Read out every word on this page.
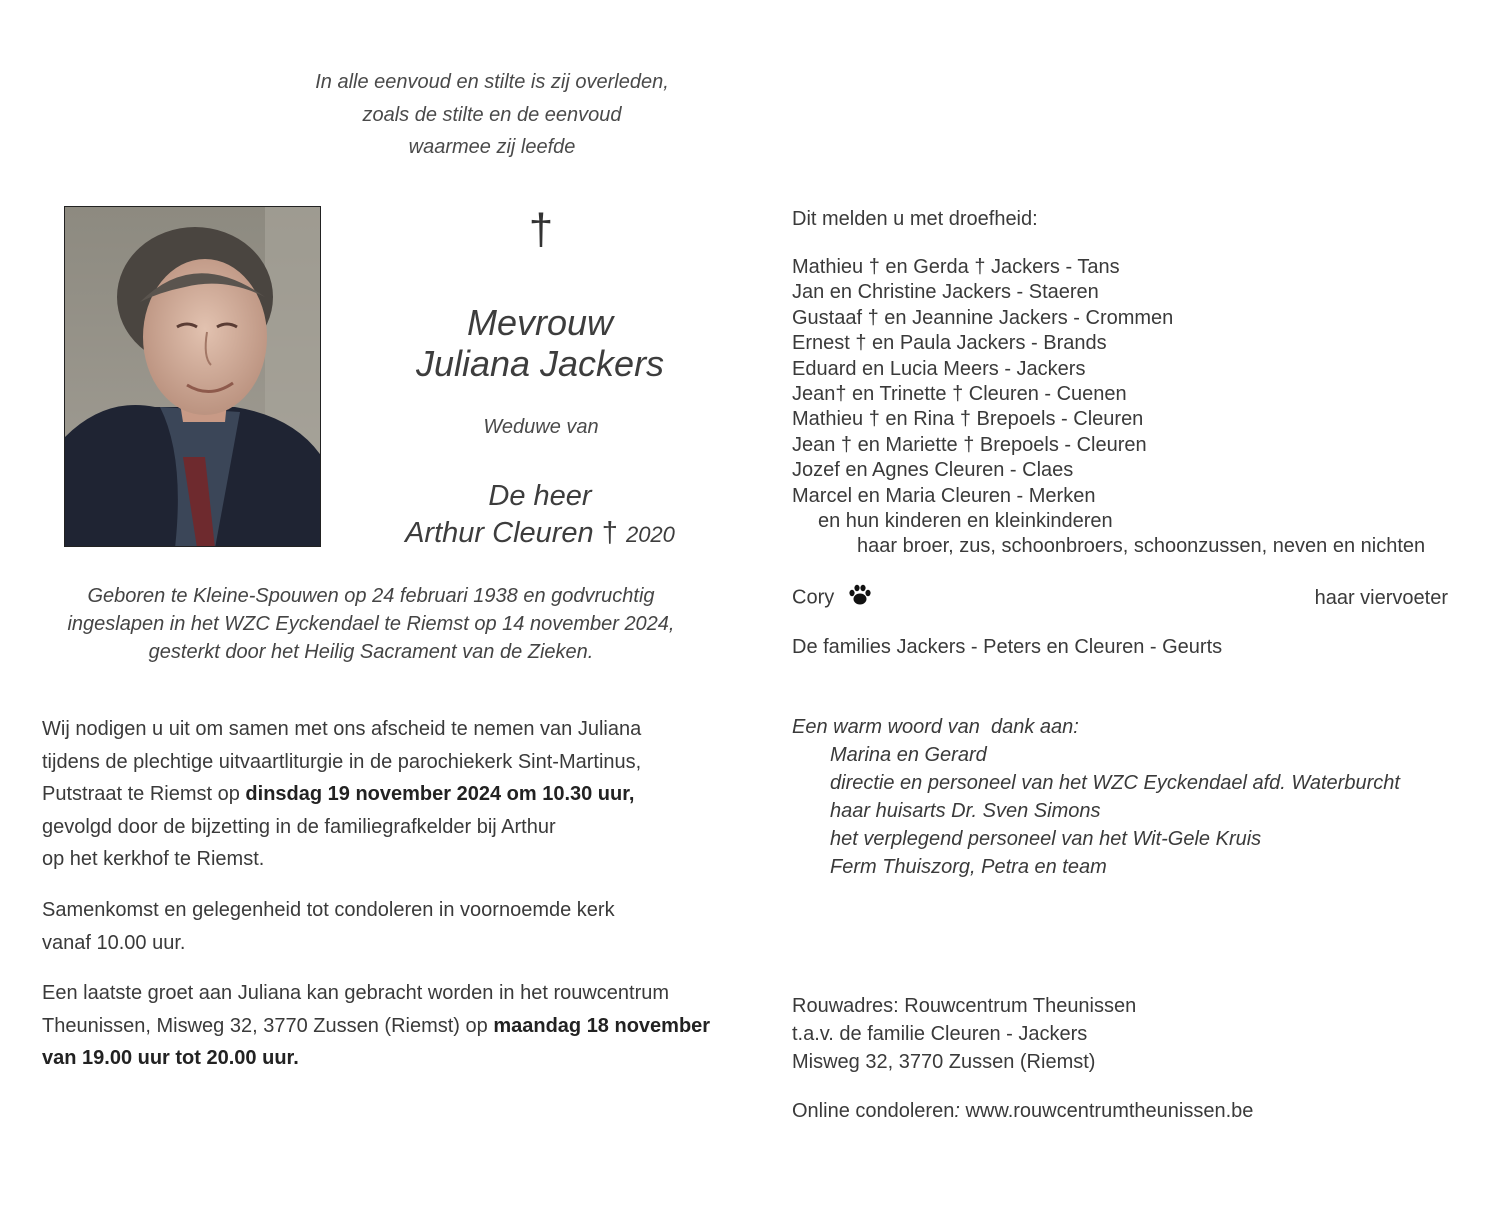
In alle eenvoud en stilte is zij overleden,
zoals de stilte en de eenvoud
waarmee zij leefde
†
Mevrouw
Juliana Jackers
Weduwe van
De heer
Arthur Cleuren † 2020
Geboren te Kleine-Spouwen op 24 februari 1938 en godvruchtig
ingeslapen in het WZC Eyckendael te Riemst op 14 november 2024,
gesterkt door het Heilig Sacrament van de Zieken.
Wij nodigen u uit om samen met ons afscheid te nemen van Juliana
tijdens de plechtige uitvaartliturgie in de parochiekerk Sint-Martinus,
Putstraat te Riemst op dinsdag 19 november 2024 om 10.30 uur,
gevolgd door de bijzetting in de familiegrafkelder bij Arthur
op het kerkhof te Riemst.
Samenkomst en gelegenheid tot condoleren in voornoemde kerk
vanaf 10.00 uur.
Een laatste groet aan Juliana kan gebracht worden in het rouwcentrum
Theunissen, Misweg 32, 3770 Zussen (Riemst) op maandag 18 november
van 19.00 uur tot 20.00 uur.
Dit melden u met droefheid:
Mathieu † en Gerda † Jackers - Tans
Jan en Christine Jackers - Staeren
Gustaaf † en Jeannine Jackers - Crommen
Ernest † en Paula Jackers - Brands
Eduard en Lucia Meers - Jackers
Jean† en Trinette † Cleuren - Cuenen
Mathieu † en Rina † Brepoels - Cleuren
Jean † en Mariette † Brepoels - Cleuren
Jozef en Agnes Cleuren - Claes
Marcel en Maria Cleuren - Merken
en hun kinderen en kleinkinderen
haar broer, zus, schoonbroers, schoonzussen, neven en nichten
Cory	haar viervoeter
De families Jackers - Peters en Cleuren - Geurts
Een warm woord van  dank aan:
Marina en Gerard
directie en personeel van het WZC Eyckendael afd. Waterburcht
haar huisarts Dr. Sven Simons
het verplegend personeel van het Wit-Gele Kruis
Ferm Thuiszorg, Petra en team
Rouwadres: Rouwcentrum Theunissen
t.a.v. de familie Cleuren - Jackers
Misweg 32, 3770 Zussen (Riemst)
Online condoleren: www.rouwcentrumtheunissen.be
